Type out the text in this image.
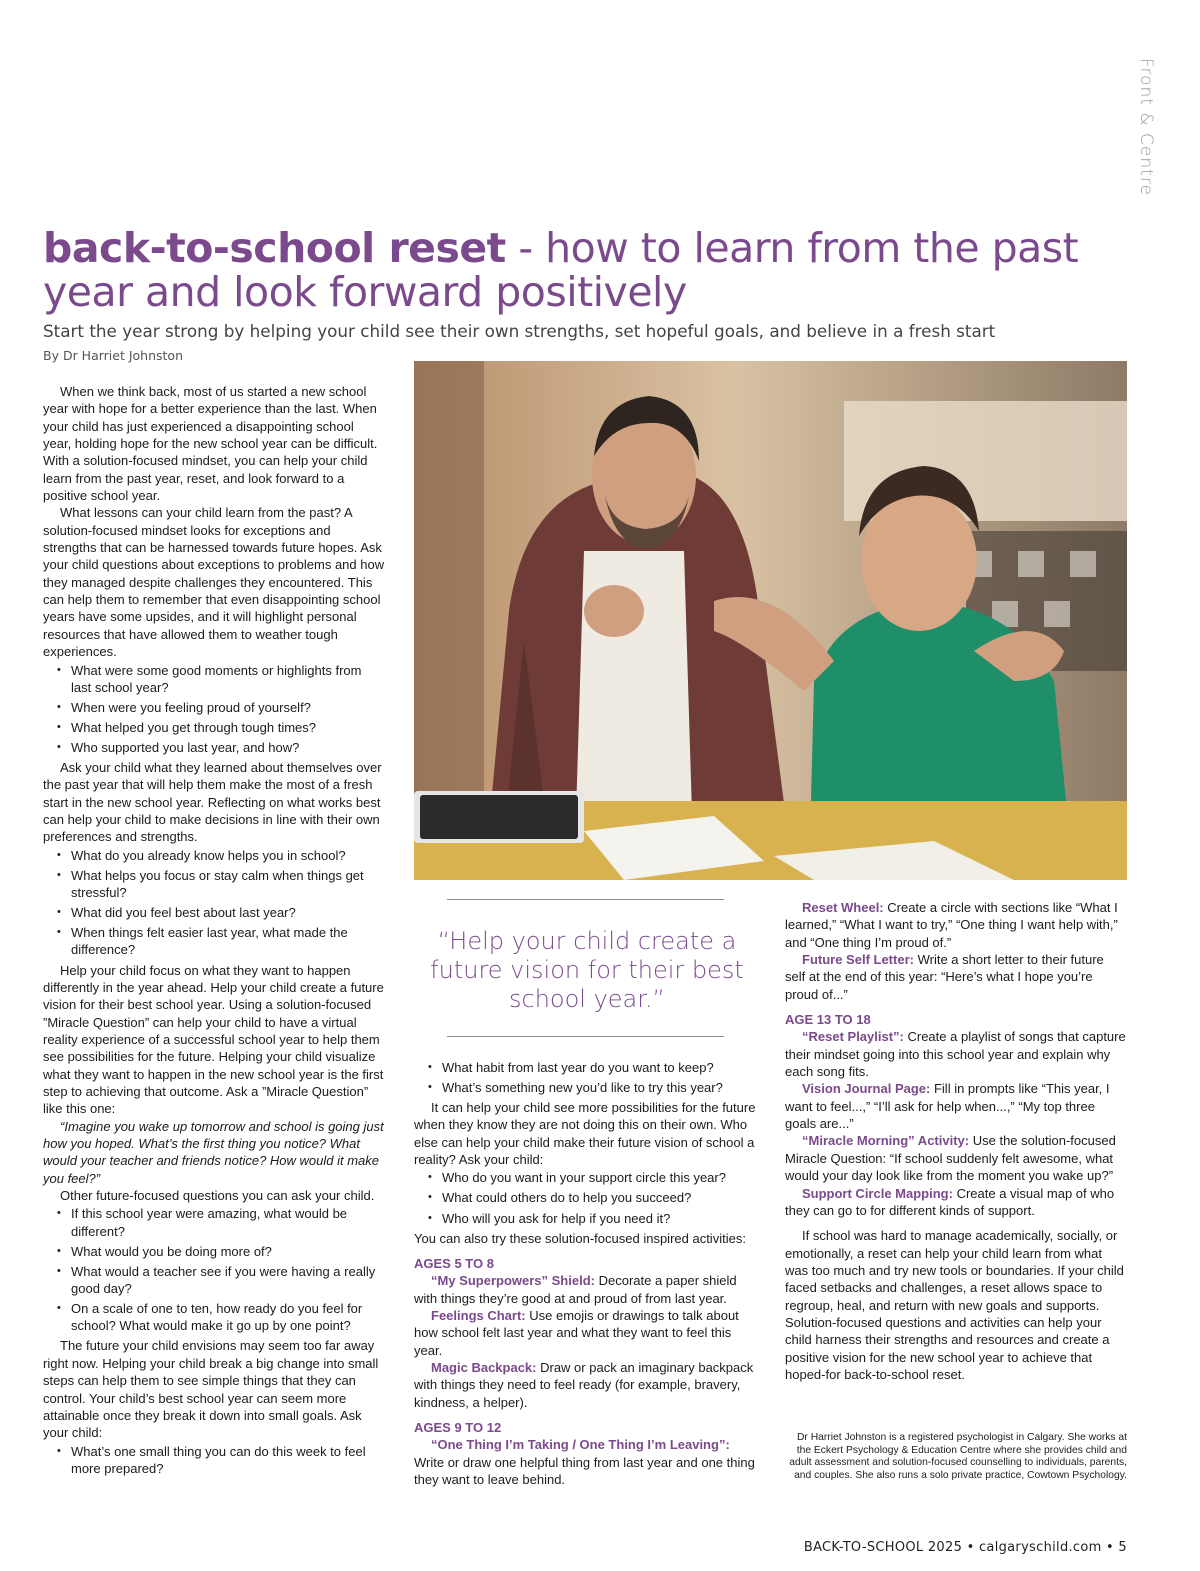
Front & Centre
back-to-school reset - how to learn from the past year and look forward positively

Start the year strong by helping your child see their own strengths, set hopeful goals, and believe in a fresh start

By Dr Harriet Johnston

When we think back, most of us started a new school year with hope for a better experience than the last. When your child has just experienced a disappointing school year, holding hope for the new school year can be difficult. With a solution-focused mindset, you can help your child learn from the past year, reset, and look forward to a positive school year.

What lessons can your child learn from the past? A solution-focused mindset looks for exceptions and strengths that can be harnessed towards future hopes. Ask your child questions about exceptions to problems and how they managed despite challenges they encountered. This can help them to remember that even disappointing school years have some upsides, and it will highlight personal resources that have allowed them to weather tough experiences.

• What were some good moments or highlights from last school year?
• When were you feeling proud of yourself?
• What helped you get through tough times?
• Who supported you last year, and how?

Ask your child what they learned about themselves over the past year that will help them make the most of a fresh start in the new school year. Reflecting on what works best can help your child to make decisions in line with their own preferences and strengths.

• What do you already know helps you in school?
• What helps you focus or stay calm when things get stressful?
• What did you feel best about last year?
• When things felt easier last year, what made the difference?

Help your child focus on what they want to happen differently in the year ahead. Help your child create a future vision for their best school year. Using a solution-focused ”Miracle Question” can help your child to have a virtual reality experience of a successful school year to help them see possibilities for the future. Helping your child visualize what they want to happen in the new school year is the first step to achieving that outcome. Ask a ”Miracle Question” like this one:

“Imagine you wake up tomorrow and school is going just how you hoped. What’s the first thing you notice? What would your teacher and friends notice? How would it make you feel?”

Other future-focused questions you can ask your child.

• If this school year were amazing, what would be different?
• What would you be doing more of?
• What would a teacher see if you were having a really good day?
• On a scale of one to ten, how ready do you feel for school? What would make it go up by one point?

The future your child envisions may seem too far away right now. Helping your child break a big change into small steps can help them to see simple things that they can control. Your child’s best school year can seem more attainable once they break it down into small goals. Ask your child:

• What’s one small thing you can do this week to feel more prepared?

“Help your child create a future vision for their best school year.”

• What habit from last year do you want to keep?
• What’s something new you’d like to try this year?

It can help your child see more possibilities for the future when they know they are not doing this on their own. Who else can help your child make their future vision of school a reality? Ask your child:

• Who do you want in your support circle this year?
• What could others do to help you succeed?
• Who will you ask for help if you need it?

You can also try these solution-focused inspired activities:

AGES 5 TO 8

“My Superpowers” Shield: Decorate a paper shield with things they’re good at and proud of from last year.

Feelings Chart: Use emojis or drawings to talk about how school felt last year and what they want to feel this year.

Magic Backpack: Draw or pack an imaginary backpack with things they need to feel ready (for example, bravery, kindness, a helper).

AGES 9 TO 12

“One Thing I’m Taking / One Thing I’m Leaving”: Write or draw one helpful thing from last year and one thing they want to leave behind.

Reset Wheel: Create a circle with sections like “What I learned,” “What I want to try,” “One thing I want help with,” and “One thing I’m proud of.”

Future Self Letter: Write a short letter to their future self at the end of this year: “Here’s what I hope you’re proud of...”

AGE 13 TO 18

“Reset Playlist”: Create a playlist of songs that capture their mindset going into this school year and explain why each song fits.

Vision Journal Page: Fill in prompts like “This year, I want to feel...,” “I’ll ask for help when...,” “My top three goals are...”

“Miracle Morning” Activity: Use the solution-focused Miracle Question: “If school suddenly felt awesome, what would your day look like from the moment you wake up?”

Support Circle Mapping: Create a visual map of who they can go to for different kinds of support.

If school was hard to manage academically, socially, or emotionally, a reset can help your child learn from what was too much and try new tools or boundaries. If your child faced setbacks and challenges, a reset allows space to regroup, heal, and return with new goals and supports. Solution-focused questions and activities can help your child harness their strengths and resources and create a positive vision for the new school year to achieve that hoped-for back-to-school reset.

Dr Harriet Johnston is a registered psychologist in Calgary. She works at the Eckert Psychology & Education Centre where she provides child and adult assessment and solution-focused counselling to individuals, parents, and couples. She also runs a solo private practice, Cowtown Psychology.

BACK-TO-SCHOOL 2025 • calgaryschild.com • 5
